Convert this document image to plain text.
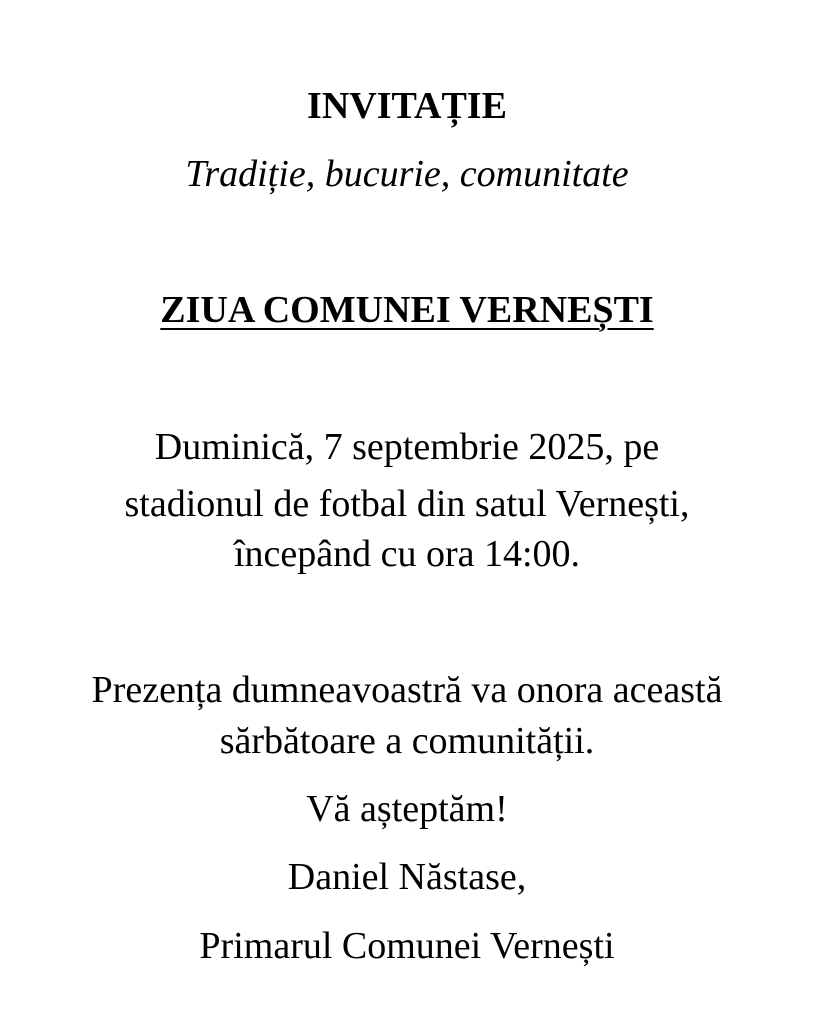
INVITAȚIE
Tradiție, bucurie, comunitate
ZIUA COMUNEI VERNEȘTI
Duminică, 7 septembrie 2025, pe
stadionul de fotbal din satul Vernești,
începând cu ora 14:00.
Prezența dumneavoastră va onora această
sărbătoare a comunității.
Vă așteptăm!
Daniel Năstase,
Primarul Comunei Vernești
